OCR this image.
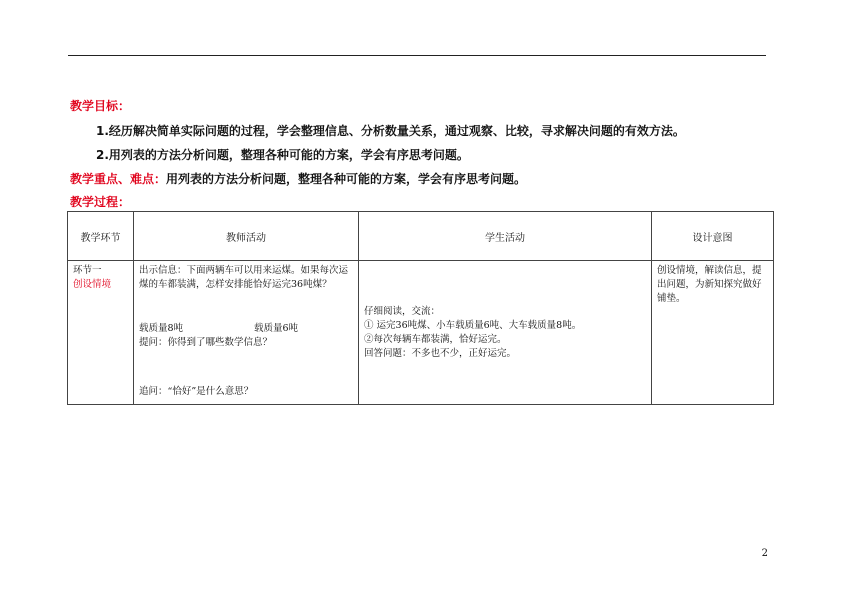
教学目标：
1.经历解决简单实际问题的过程，学会整理信息、分析数量关系，通过观察、比较，寻求解决问题的有效方法。
2.用列表的方法分析问题，整理各种可能的方案，学会有序思考问题。
教学重点、难点：用列表的方法分析问题，整理各种可能的方案，学会有序思考问题。
教学过程：
教学环节	教师活动	学生活动	设计意图

环节一
创设情境	出示信息：下面两辆车可以用来运煤。如果每次运煤的车都装满，怎样安排能恰好运完36吨煤？
载质量8吨 载质量6吨
提问：你得到了哪些数学信息？
追问：“恰好”是什么意思？	仔细阅读，交流：
① 运完36吨煤、小车载质量6吨、大车载质量8吨。
②每次每辆车都装满，恰好运完。
回答问题：不多也不少，正好运完。	创设情境，解读信息，提出问题，为新知探究做好铺垫。
2
